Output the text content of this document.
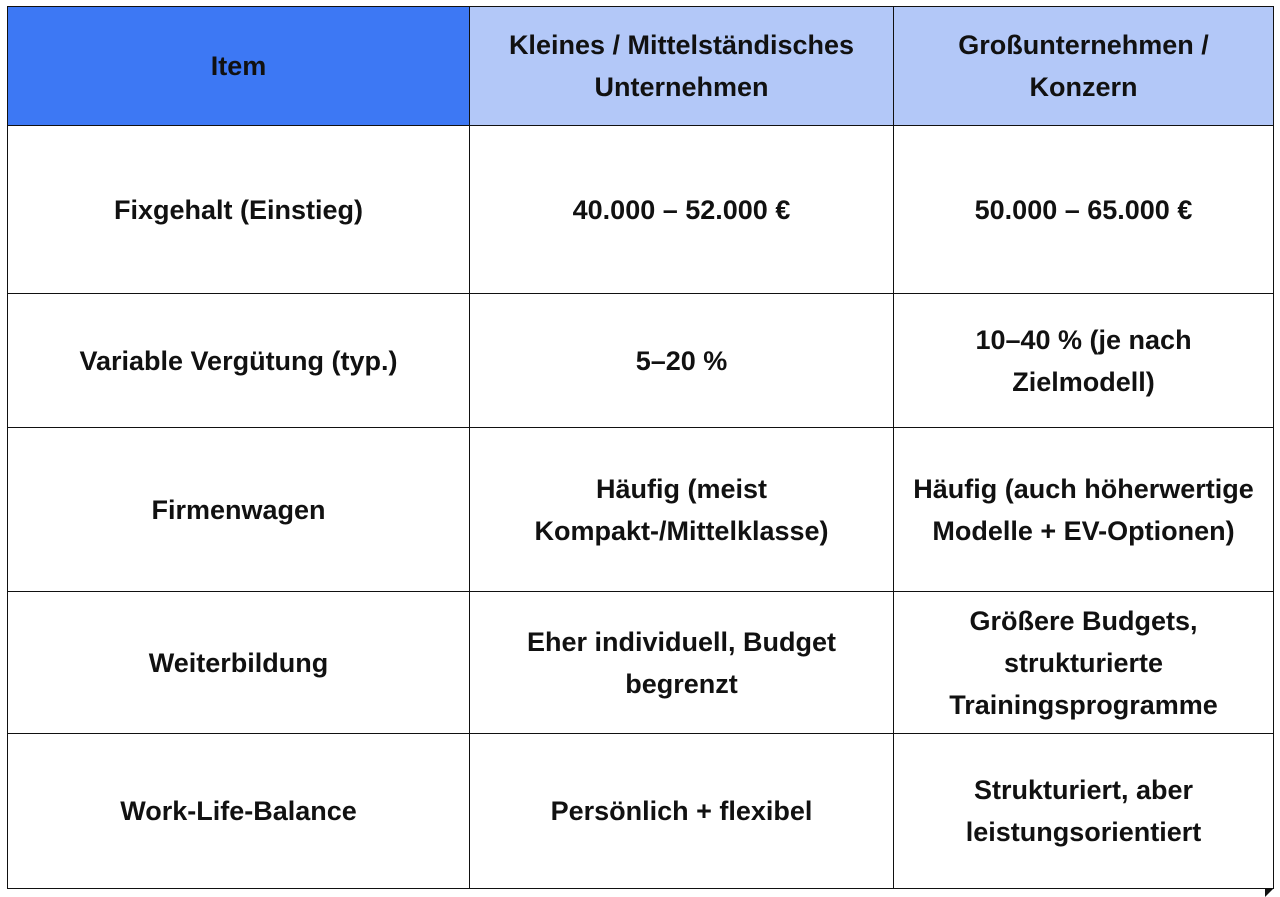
Item	Kleines / Mittelständisches Unternehmen	Großunternehmen / Konzern
Fixgehalt (Einstieg)	40.000 – 52.000 €	50.000 – 65.000 €
Variable Vergütung (typ.)	5–20 %	10–40 % (je nach Zielmodell)
Firmenwagen	Häufig (meist Kompakt-/Mittelklasse)	Häufig (auch höherwertige Modelle + EV-Optionen)
Weiterbildung	Eher individuell, Budget begrenzt	Größere Budgets, strukturierte Trainingsprogramme
Work-Life-Balance	Persönlich + flexibel	Strukturiert, aber leistungsorientiert
